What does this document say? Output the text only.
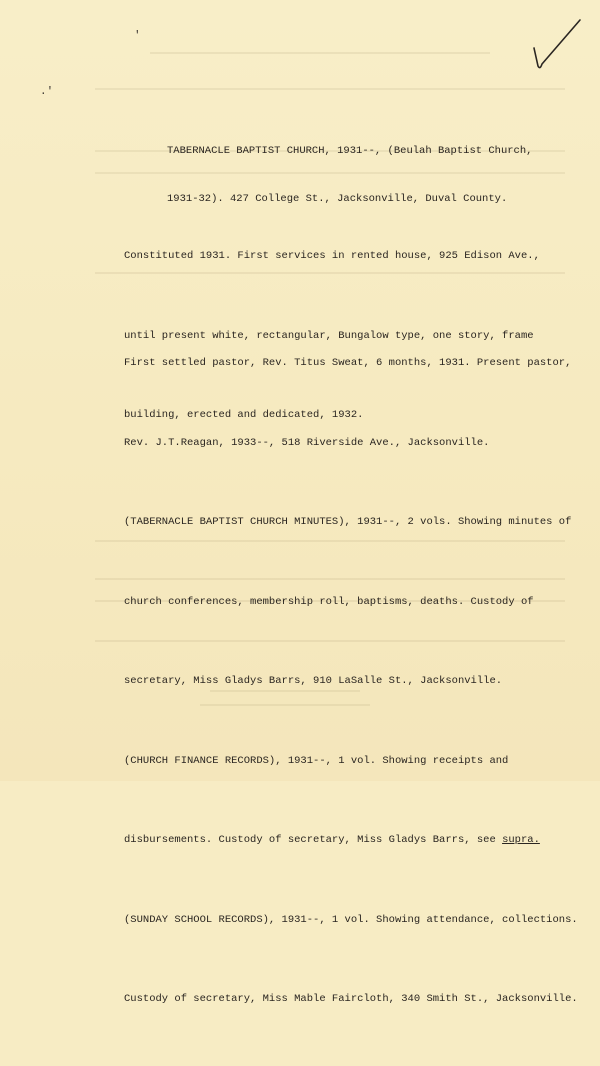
.'
'

TABERNACLE BAPTIST CHURCH, 1931--, (Beulah Baptist Church,

1931-32). 427 College St., Jacksonville, Duval County.

Constituted 1931. First services in rented house, 925 Edison Ave.,

until present white, rectangular, Bungalow type, one story, frame

building, erected and dedicated, 1932.

First settled pastor, Rev. Titus Sweat, 6 months, 1931. Present pastor,

Rev. J.T.Reagan, 1933--, 518 Riverside Ave., Jacksonville.

(TABERNACLE BAPTIST CHURCH MINUTES), 1931--, 2 vols. Showing minutes of

church conferences, membership roll, baptisms, deaths. Custody of

secretary, Miss Gladys Barrs, 910 LaSalle St., Jacksonville.

(CHURCH FINANCE RECORDS), 1931--, 1 vol. Showing receipts and

disbursements. Custody of secretary, Miss Gladys Barrs, see supra.

(SUNDAY SCHOOL RECORDS), 1931--, 1 vol. Showing attendance, collections.

Custody of secretary, Miss Mable Faircloth, 340 Smith St., Jacksonville.
